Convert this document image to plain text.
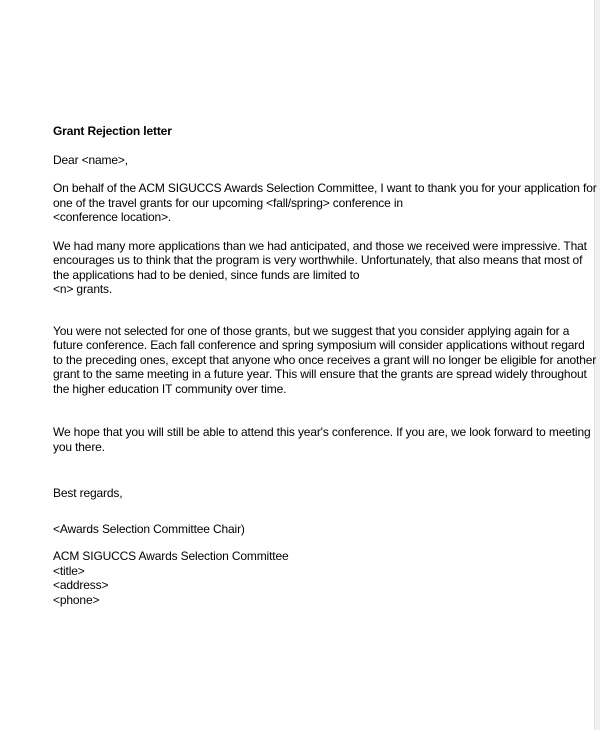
Grant Rejection letter

Dear <name>,

On behalf of the ACM SIGUCCS Awards Selection Committee, I want to thank you for your application for
one of the travel grants for our upcoming <fall/spring> conference in
<conference location>.

We had many more applications than we had anticipated, and those we received were impressive. That
encourages us to think that the program is very worthwhile. Unfortunately, that also means that most of
the applications had to be denied, since funds are limited to
<n> grants.

You were not selected for one of those grants, but we suggest that you consider applying again for a
future conference. Each fall conference and spring symposium will consider applications without regard
to the preceding ones, except that anyone who once receives a grant will no longer be eligible for another
grant to the same meeting in a future year. This will ensure that the grants are spread widely throughout
the higher education IT community over time.

We hope that you will still be able to attend this year's conference. If you are, we look forward to meeting
you there.

Best regards,

<Awards Selection Committee Chair)

ACM SIGUCCS Awards Selection Committee
<title>
<address>
<phone>
